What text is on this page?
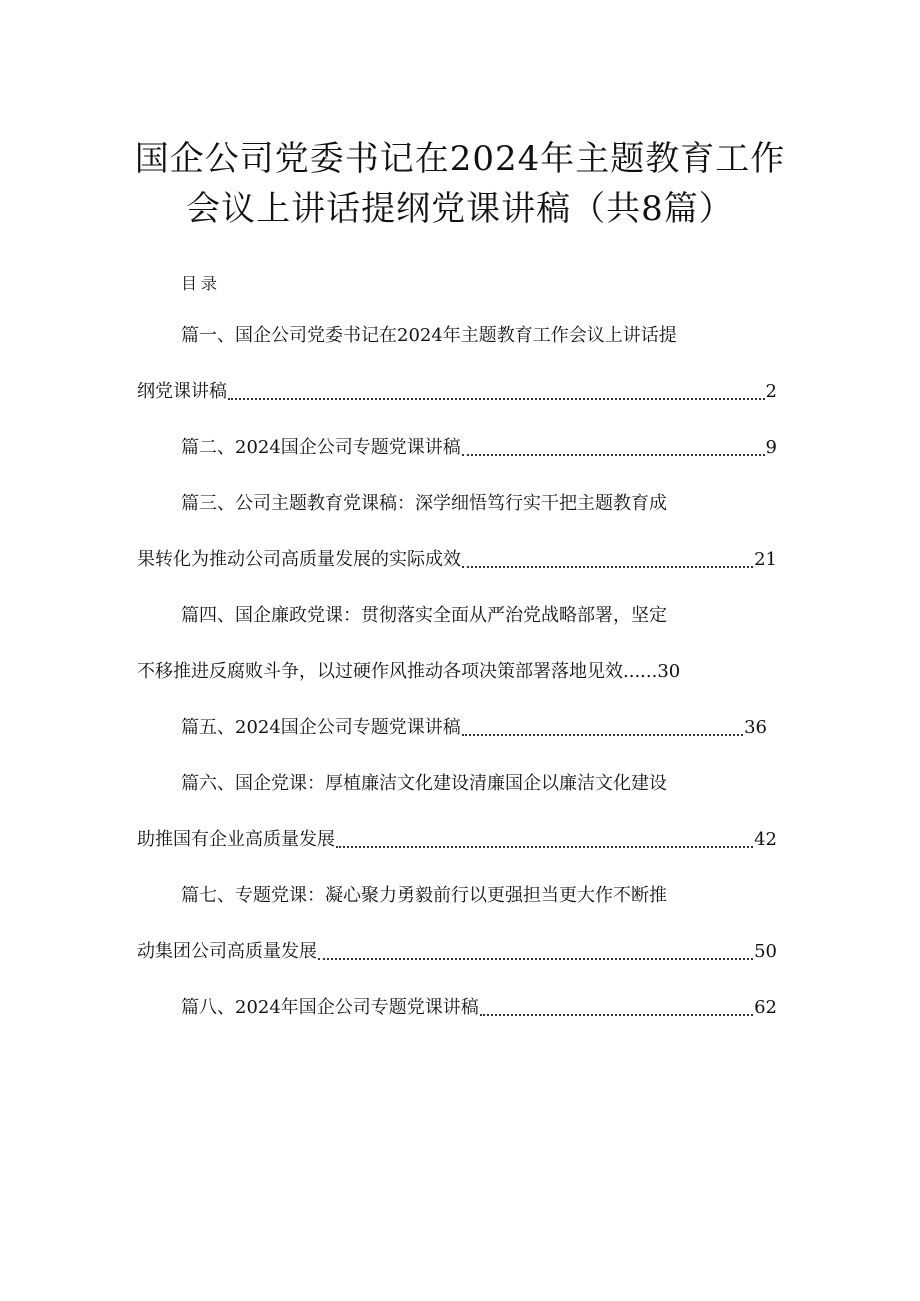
国企公司党委书记在2024年主题教育工作
会议上讲话提纲党课讲稿（共8篇）
目录
篇一、国企公司党委书记在2024年主题教育工作会议上讲话提
纲党课讲稿	2
篇二、2024国企公司专题党课讲稿	9
篇三、公司主题教育党课稿：深学细悟笃行实干把主题教育成
果转化为推动公司高质量发展的实际成效	21
篇四、国企廉政党课：贯彻落实全面从严治党战略部署，坚定
不移推进反腐败斗争，以过硬作风推动各项决策部署落地见效 ...... 30
篇五、2024国企公司专题党课讲稿	36
篇六、国企党课：厚植廉洁文化建设清廉国企以廉洁文化建设
助推国有企业高质量发展	42
篇七、专题党课：凝心聚力勇毅前行以更强担当更大作不断推
动集团公司高质量发展	50
篇八、2024年国企公司专题党课讲稿	62
